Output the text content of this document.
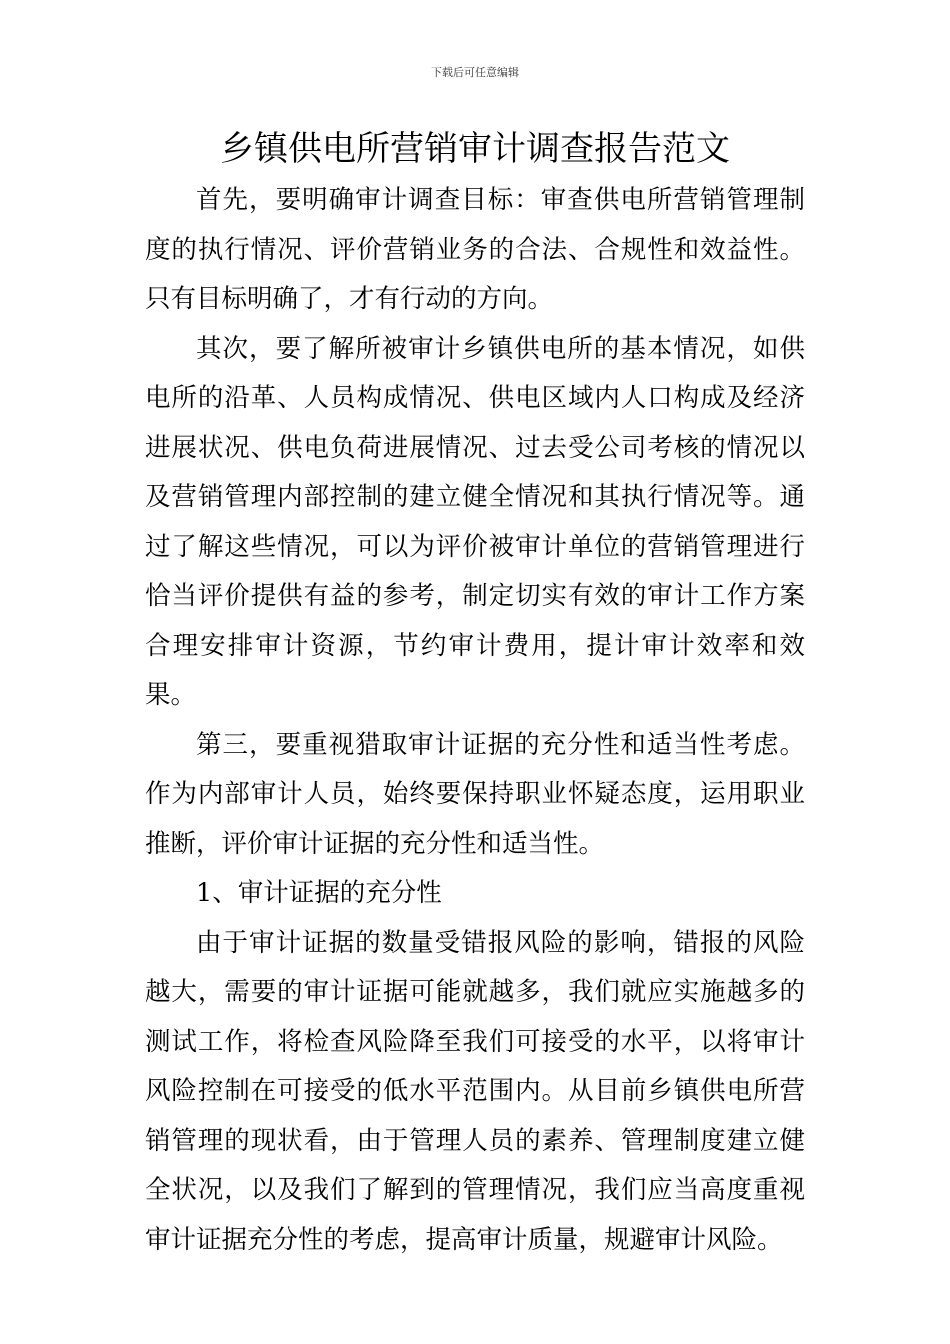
下载后可任意编辑
乡镇供电所营销审计调查报告范文

首先，要明确审计调查目标：审查供电所营销管理制度的执行情况、评价营销业务的合法、合规性和效益性。只有目标明确了，才有行动的方向。

其次，要了解所被审计乡镇供电所的基本情况，如供电所的沿革、人员构成情况、供电区域内人口构成及经济进展状况、供电负荷进展情况、过去受公司考核的情况以及营销管理内部控制的建立健全情况和其执行情况等。通过了解这些情况，可以为评价被审计单位的营销管理进行恰当评价提供有益的参考，制定切实有效的审计工作方案合理安排审计资源，节约审计费用，提计审计效率和效果。

第三，要重视猎取审计证据的充分性和适当性考虑。作为内部审计人员，始终要保持职业怀疑态度，运用职业推断，评价审计证据的充分性和适当性。

1、审计证据的充分性

由于审计证据的数量受错报风险的影响，错报的风险越大，需要的审计证据可能就越多，我们就应实施越多的测试工作，将检查风险降至我们可接受的水平，以将审计风险控制在可接受的低水平范围内。从目前乡镇供电所营销管理的现状看，由于管理人员的素养、管理制度建立健全状况，以及我们了解到的管理情况，我们应当高度重视审计证据充分性的考虑，提高审计质量，规避审计风险。
